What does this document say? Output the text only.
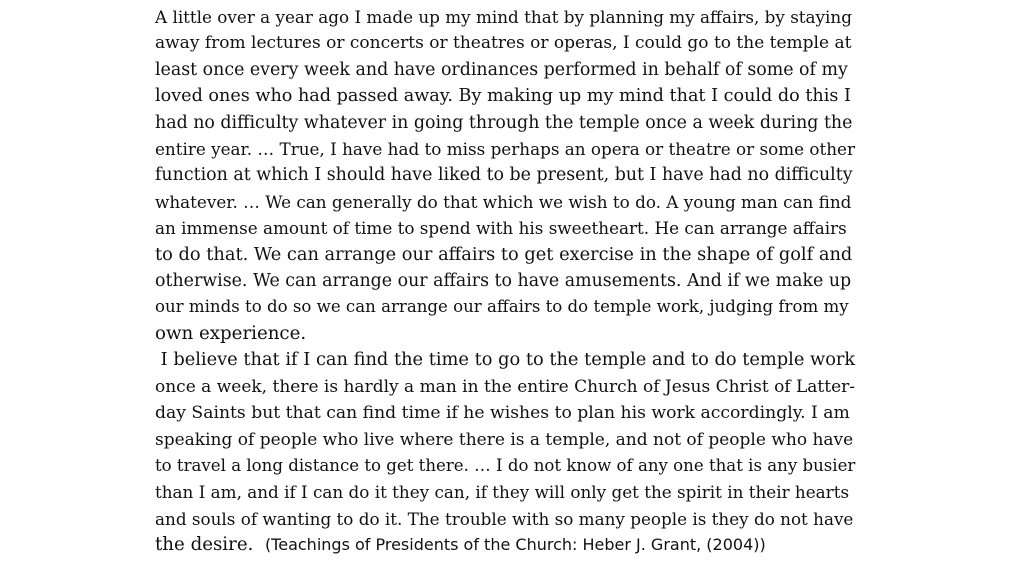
A little over a year ago I made up my mind that by planning my affairs, by staying
away from lectures or concerts or theatres or operas, I could go to the temple at
least once every week and have ordinances performed in behalf of some of my
loved ones who had passed away. By making up my mind that I could do this I
had no difficulty whatever in going through the temple once a week during the
entire year. … True, I have had to miss perhaps an opera or theatre or some other
function at which I should have liked to be present, but I have had no difficulty
whatever. … We can generally do that which we wish to do. A young man can find
an immense amount of time to spend with his sweetheart. He can arrange affairs
to do that. We can arrange our affairs to get exercise in the shape of golf and
otherwise. We can arrange our affairs to have amusements. And if we make up
our minds to do so we can arrange our affairs to do temple work, judging from my
own experience.
I believe that if I can find the time to go to the temple and to do temple work
once a week, there is hardly a man in the entire Church of Jesus Christ of Latter-
day Saints but that can find time if he wishes to plan his work accordingly. I am
speaking of people who live where there is a temple, and not of people who have
to travel a long distance to get there. … I do not know of any one that is any busier
than I am, and if I can do it they can, if they will only get the spirit in their hearts
and souls of wanting to do it. The trouble with so many people is they do not have
the desire.  (Teachings of Presidents of the Church: Heber J. Grant, (2004))
